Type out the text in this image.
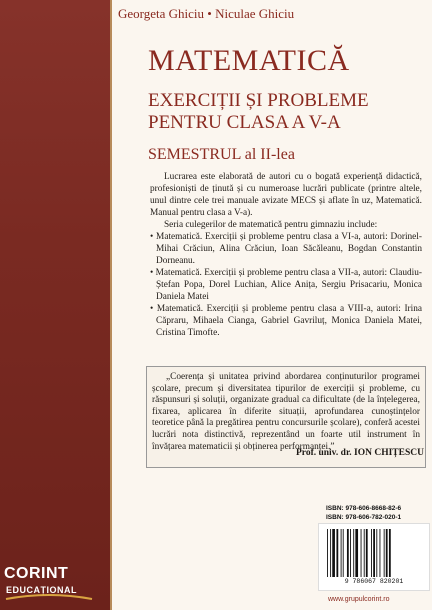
Georgeta Ghiciu • Niculae Ghiciu
MATEMATICĂ
EXERCIȚII ȘI PROBLEME
PENTRU CLASA A V-A
SEMESTRUL al II-lea

Lucrarea este elaborată de autori cu o bogată experiență didactică, profesioniști de ținută și cu numeroase lucrări publicate (printre altele, unul dintre cele trei manuale avizate MECS și aflate în uz, Matematică. Manual pentru clasa a V-a).

Seria culegerilor de matematică pentru gimnaziu include:

• Matematică. Exerciții și probleme pentru clasa a VI-a, autori: Dorinel-Mihai Crăciun, Alina Crăciun, Ioan Săcăleanu, Bogdan Constantin Dorneanu.
• Matematică. Exerciții și probleme pentru clasa a VII-a, autori: Claudiu-Ștefan Popa, Dorel Luchian, Alice Anița, Sergiu Prisacariu, Monica Daniela Matei
• Matematică. Exerciții și probleme pentru clasa a VIII-a, autori: Irina Căpraru, Mihaela Cianga, Gabriel Gavriluț, Monica Daniela Matei, Cristina Timofte.
„Coerența și unitatea privind abordarea conținuturilor programei școlare, precum și diversitatea tipurilor de exerciții și probleme, cu răspunsuri și soluții, organizate gradual ca dificultate (de la înțelegerea, fixarea, aplicarea în diferite situații, aprofundarea cunoștințelor teoretice până la pregătirea pentru concursurile școlare), conferă acestei lucrări nota distinctivă, reprezentând un foarte util instrument în învățarea matematicii și obținerea performanței.”
Prof. univ. dr. ION CHIȚESCU
ISBN: 978-606-8668-82-6
ISBN: 978-606-782-020-1
9 786067 820201
www.grupulcorint.ro
CORINT
EDUCAȚIONAL
